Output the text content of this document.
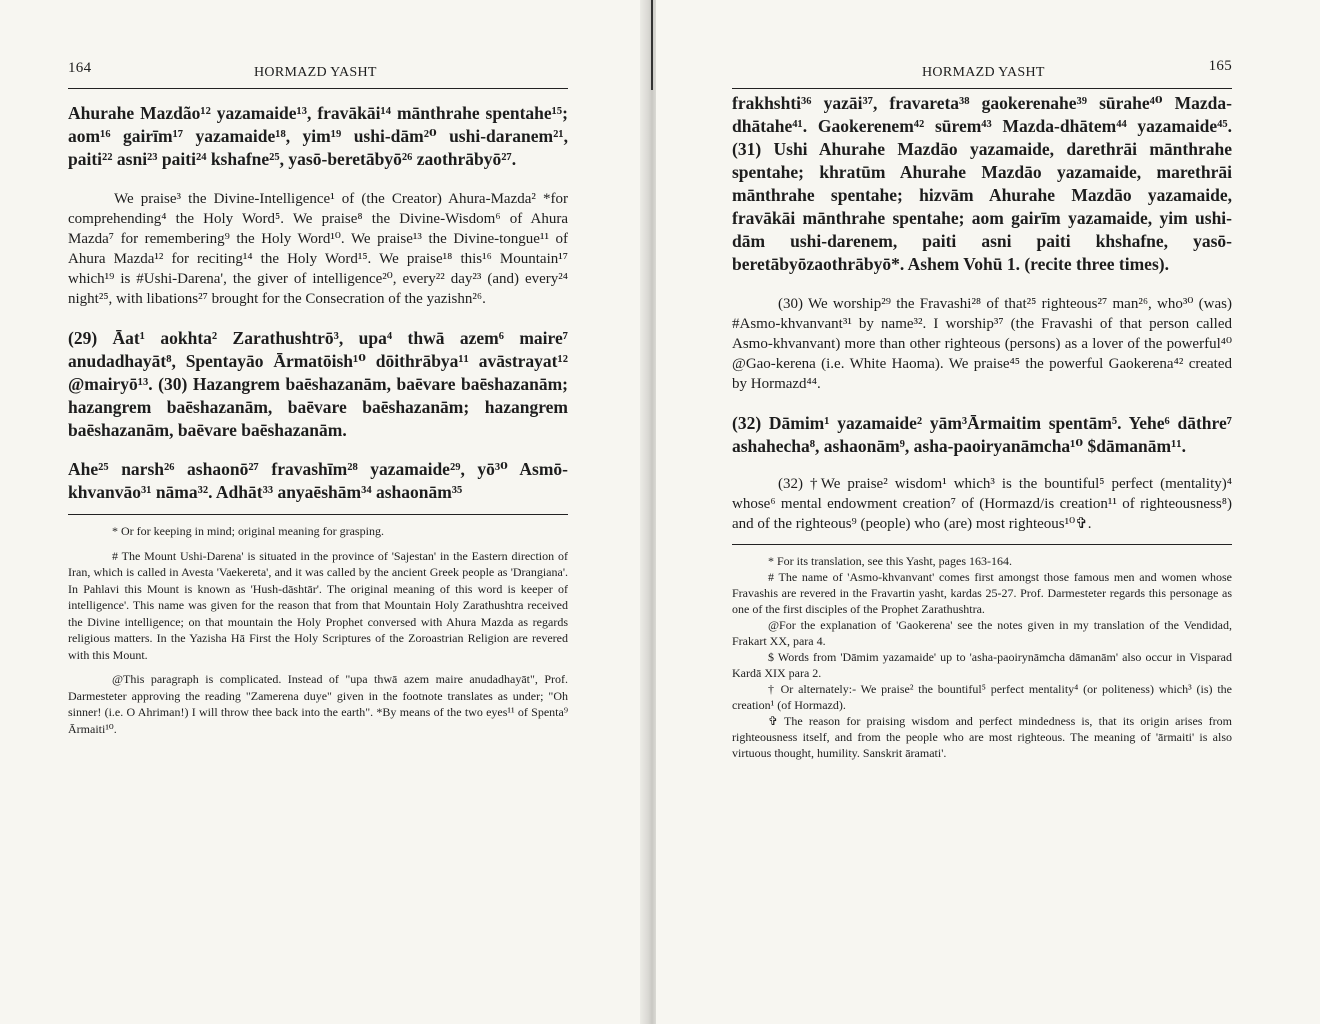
164	HORMAZD YASHT

Ahurahe Mazdão¹² yazamaide¹³, fravākāi¹⁴ mānthrahe spentahe¹⁵; aom¹⁶ gairīm¹⁷ yazamaide¹⁸, yim¹⁹ ushi-dām²⁰ ushi-daranem²¹, paiti²² asni²³ paiti²⁴ kshafne²⁵, yasō-beretābyō²⁶ zaothrābyō²⁷.

We praise³ the Divine-Intelligence¹ of (the Creator) Ahura-Mazda² *for comprehending⁴ the Holy Word⁵. We praise⁸ the Divine-Wisdom⁶ of Ahura Mazda⁷ for remembering⁹ the Holy Word¹⁰. We praise¹³ the Divine-tongue¹¹ of Ahura Mazda¹² for reciting¹⁴ the Holy Word¹⁵. We praise¹⁸ this¹⁶ Mountain¹⁷ which¹⁹ is #Ushi-Darena', the giver of intelligence²⁰, every²² day²³ (and) every²⁴ night²⁵, with libations²⁷ brought for the Consecration of the yazishn²⁶.

(29) Āat¹ aokhta² Zarathushtrō³, upa⁴ thwā azem⁶ maire⁷ anudadhayāt⁸, Spentayāo Ārmatōish¹⁰ dōithrābya¹¹ avāstrayat¹² @mairyō¹³. (30) Hazangrem baēshazanām, baēvare baēshazanām; hazangrem baēshazanām, baēvare baēshazanām; hazangrem baēshazanām, baēvare baēshazanām.

Ahe²⁵ narsh²⁶ ashaonō²⁷ fravashīm²⁸ yazamaide²⁹, yō³⁰ Asmō-khvanvāo³¹ nāma³². Adhāt³³ anyaēshām³⁴ ashaonām³⁵

* Or for keeping in mind; original meaning for grasping.

# The Mount Ushi-Darena' is situated in the province of 'Sajestan' in the Eastern direction of Iran, which is called in Avesta 'Vaekereta', and it was called by the ancient Greek people as 'Drangiana'. In Pahlavi this Mount is known as 'Hush-dāshtār'. The original meaning of this word is keeper of intelligence'. This name was given for the reason that from that Mountain Holy Zarathushtra received the Divine intelligence; on that mountain the Holy Prophet conversed with Ahura Mazda as regards religious matters. In the Yazisha Hā First the Holy Scriptures of the Zoroastrian Religion are revered with this Mount.

@This paragraph is complicated. Instead of "upa thwā azem maire anudadhayāt", Prof. Darmesteter approving the reading "Zamerena duye" given in the footnote translates as under; "Oh sinner! (i.e. O Ahriman!) I will throw thee back into the earth". *By means of the two eyes¹¹ of Spenta⁹ Ārmaiti¹⁰.

HORMAZD YASHT	165

frakhshti³⁶ yazāi³⁷, fravareta³⁸ gaokerenahe³⁹ sūrahe⁴⁰ Mazda-dhātahe⁴¹. Gaokerenem⁴² sūrem⁴³ Mazda-dhātem⁴⁴ yazamaide⁴⁵. (31) Ushi Ahurahe Mazdāo yazamaide, darethrāi mānthrahe spentahe; khratūm Ahurahe Mazdāo yazamaide, marethrāi mānthrahe spentahe; hizvām Ahurahe Mazdāo yazamaide, fravākāi mānthrahe spentahe; aom gairīm yazamaide, yim ushi-dām ushi-darenem, paiti asni paiti khshafne, yasō-beretābyōzaothrābyō*. Ashem Vohū 1. (recite three times).

(30) We worship²⁹ the Fravashi²⁸ of that²⁵ righteous²⁷ man²⁶, who³⁰ (was) #Asmo-khvanvant³¹ by name³². I worship³⁷ (the Fravashi of that person called Asmo-khvanvant) more than other righteous (persons) as a lover of the powerful⁴⁰ @Gao-kerena (i.e. White Haoma). We praise⁴⁵ the powerful Gaokerena⁴² created by Hormazd⁴⁴.

(32) Dāmim¹ yazamaide² yām³Ārmaitim spentām⁵. Yehe⁶ dāthre⁷ ashahecha⁸, ashaonām⁹, asha-paoiryanāmcha¹⁰ $dāmanām¹¹.

(32) †We praise² wisdom¹ which³ is the bountiful⁵ perfect (mentality)⁴ whose⁶ mental endowment creation⁷ of (Hormazd/is creation¹¹ of righteousness⁸) and of the righteous⁹ (people) who (are) most righteous¹⁰✞.

* For its translation, see this Yasht, pages 163-164.

# The name of 'Asmo-khvanvant' comes first amongst those famous men and women whose Fravashis are revered in the Fravartin yasht, kardas 25-27. Prof. Darmesteter regards this personage as one of the first disciples of the Prophet Zarathushtra.

@For the explanation of 'Gaokerena' see the notes given in my translation of the Vendidad, Frakart XX, para 4.

$ Words from 'Dāmim yazamaide' up to 'asha-paoirynāmcha dāmanām' also occur in Visparad Kardā XIX para 2.

† Or alternately:- We praise² the bountiful⁵ perfect mentality⁴ (or politeness) which³ (is) the creation¹ (of Hormazd).

✞ The reason for praising wisdom and perfect mindedness is, that its origin arises from righteousness itself, and from the people who are most righteous. The meaning of 'ārmaiti' is also virtuous thought, humility. Sanskrit āramati'.
